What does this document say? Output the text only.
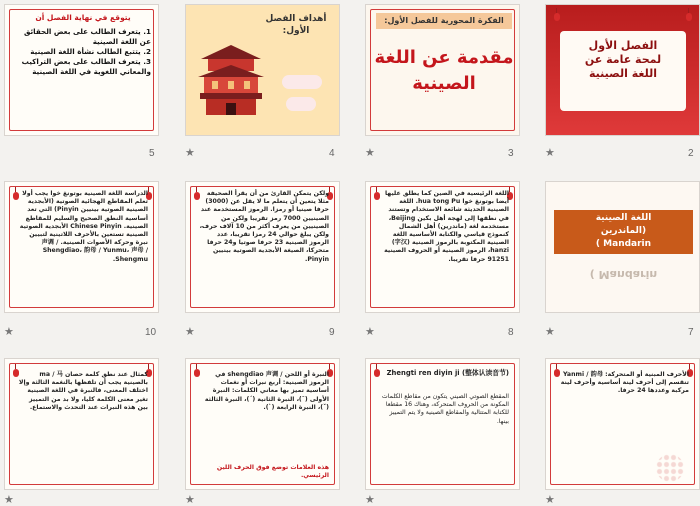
الفصل الأول
لمحة عامة عن
اللغة الصينية
2
★
الفكرة المحورية للفصل الأول:
مقدمة عن اللغة
الصينية
3
★
أهداف الفصل
الأول:
4
★
يتوقع في نهاية الفصل أن
1. يتعرف الطالب على بعض الحقائق عن اللغة الصينية
2. يتتبع الطالب نشأة اللغة الصينية
3. يتعرف الطالب على بعض التراكيب والمعاني اللغوية في اللغة الصينية
5
اللغة الصينية
(الماندرين
( Mandarin
( Mandarin
7
★
اللغة الرئيسية في الصين كما يطلق عليها أيضا بوتونغ خوا hua tong Pu. اللغة الصينية الحديثة شائعة الاستخدام وتستند في نطقها إلى لهجة أهل بكين Beijing، مستخدمة لغة (ماندرين) أهل الشمال كنموذج قياسي والكتابة الأساسية اللغة الصينية المكتوبة بالرموز الصينية (字汉) hanzi، الرموز الصينية أو الحروف الصينية 91251 حرفا تقريبا.
8
★
ولكن يتمكن القارئ من أن يقرأ الصحيفة مثلا يتعين أن يتعلم ما لا يقل عن (3000) حرفا صينيا أو رمزا. الرموز المستخدمة عند الصينيين 7000 رمز تقريبا ولكن من الصينيين من يعرف أكثر من 10 آلاف حرف، ولكن يبلغ حوالي 24 رمزا تقريبا، عدد الرموز الصينية 23 حرفا صوتيا و24 حرفا متحركا، الصيغة الأبجدية الصوتية بينيين Pinyin.
9
★
الدراسة اللغة الصينية بوتونغ خوا يجب أولا تعلم المقاطع الهجائية الصوتية (الأبجدية الصينية الصوتية بينيين Pinyin) التي تعد أساسية النطق الصحيح والسليم للمقاطع الصينية. Chinese Pinyin الأبجدية الصوتية الصينية تستعين بالأحرف اللاتينية لتبيين نبرة وحركة الأصوات الصينية. 声调 / Shengdiao، 韵母 / Yunmu، 声母 / Shengmu.
10
★
الأحرف المبنية أو المتحركة: Yanmi / 韵母 تنقسم إلى أحرف لينة أساسية وأحرف لينة مركبة وعددها 24 حرفا.
★
(整体认读音节) Zhengti ren diyin ji
المقطع الصوتي الصيني يتكون من مقاطع الكلمات المكونة من الحروف المتحركة، وهناك 16 مقطعا للكتابة المتتالية والمقاطع الصينية ولا يتم التمييز بينها.
★
النبرة أو اللحن / shengdiao 声调 في الرموز الصينية: أربع نبرات أو نغمات أساسية تميز بها معاني الكلمات: النبرة الأولى (ˉ)، النبرة الثانية (ˊ)، النبرة الثالثة (ˇ)، النبرة الرابعة (ˋ).
هذه العلامات توضع فوق الحرف اللين الرئيسي.
★
كمثال عند نطق كلمة حصان ma / 马 بالصينية يجب أن تلفظها بالنغمة الثالثة وإلا اختلف المعنى، فالنبرة في اللغة الصينية تغير معنى الكلمة كليا، ولا بد من التمييز بين هذه النبرات عند التحدث والاستماع.
★
